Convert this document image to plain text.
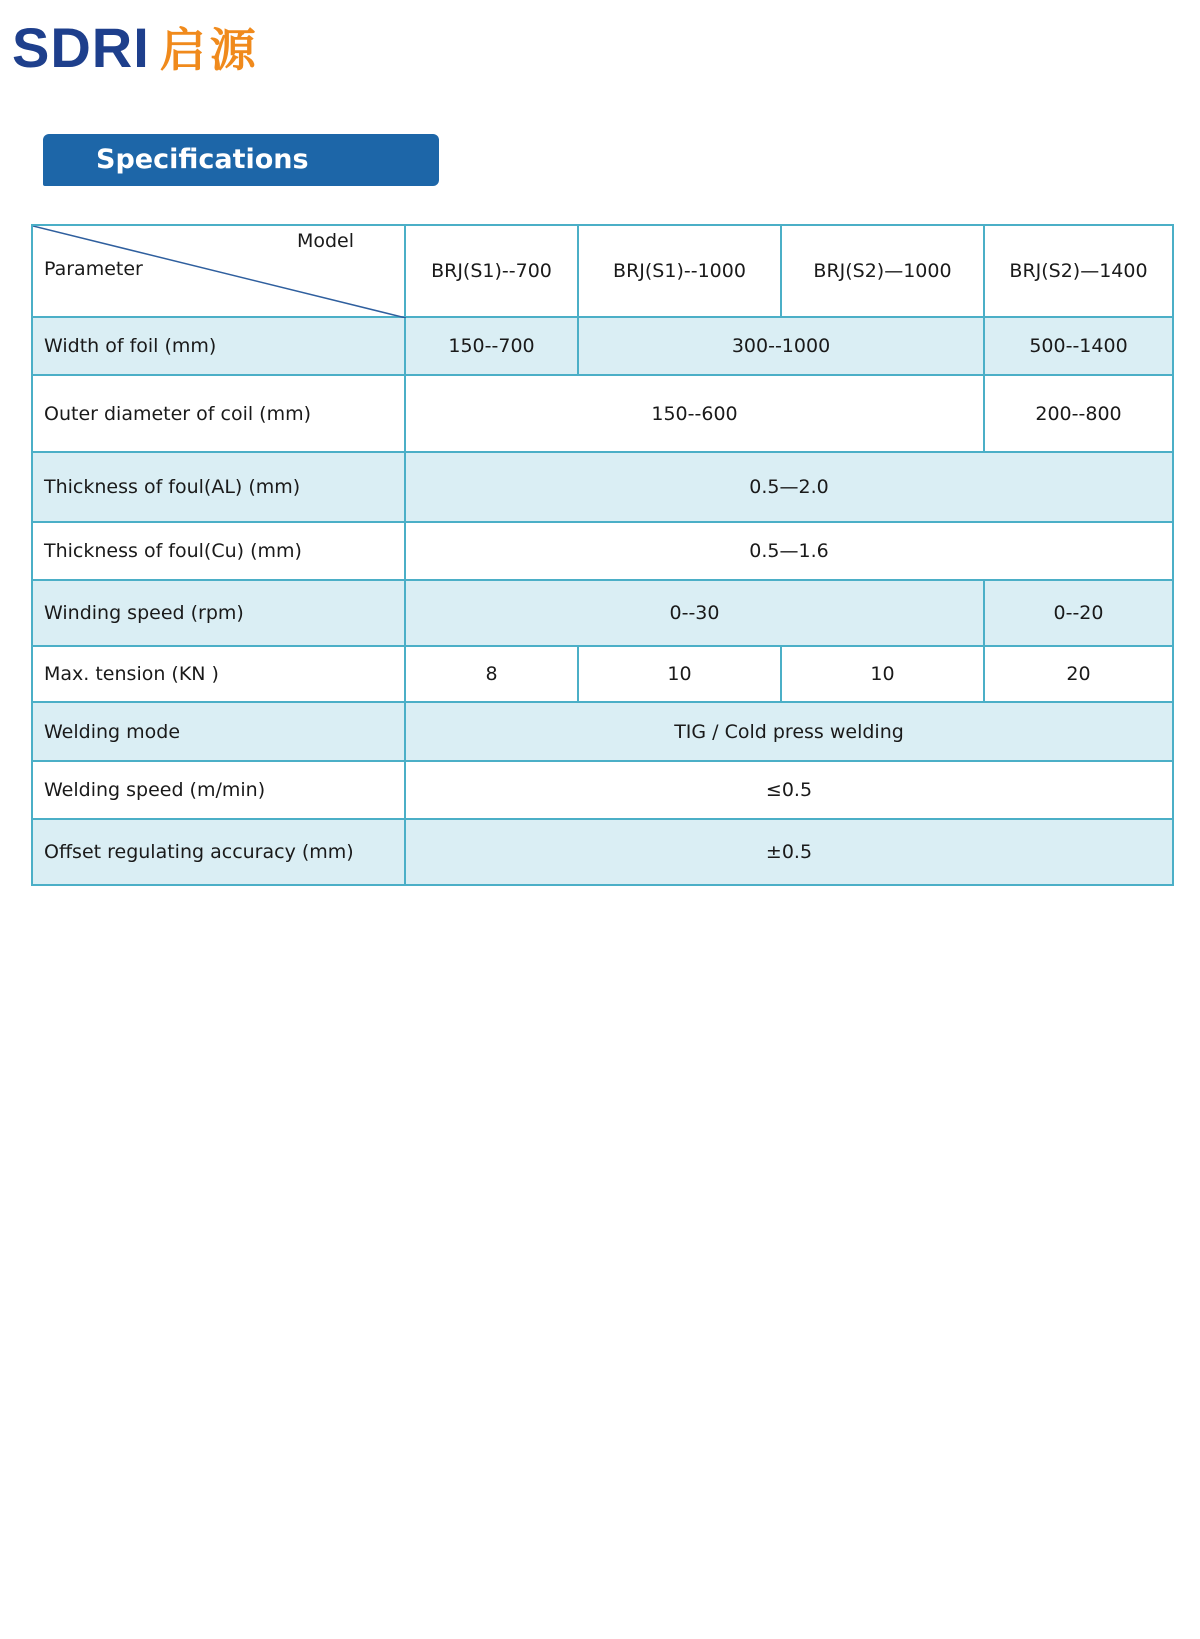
SDRI 启源
Specifications
Model
Parameter	BRJ(S1)--700	BRJ(S1)--1000	BRJ(S2)—1000	BRJ(S2)—1400
Width of foil (mm)	150--700	300--1000		500--1400
Outer diameter of coil (mm)	150--600			200--800
Thickness of foul(AL) (mm)	0.5—2.0			
Thickness of foul(Cu) (mm)	0.5—1.6			
Winding speed (rpm)	0--30			0--20
Max. tension (KN )	8	10	10	20
Welding mode	TIG / Cold press welding			
Welding speed (m/min)	≤0.5			
Offset regulating accuracy (mm)	±0.5			
